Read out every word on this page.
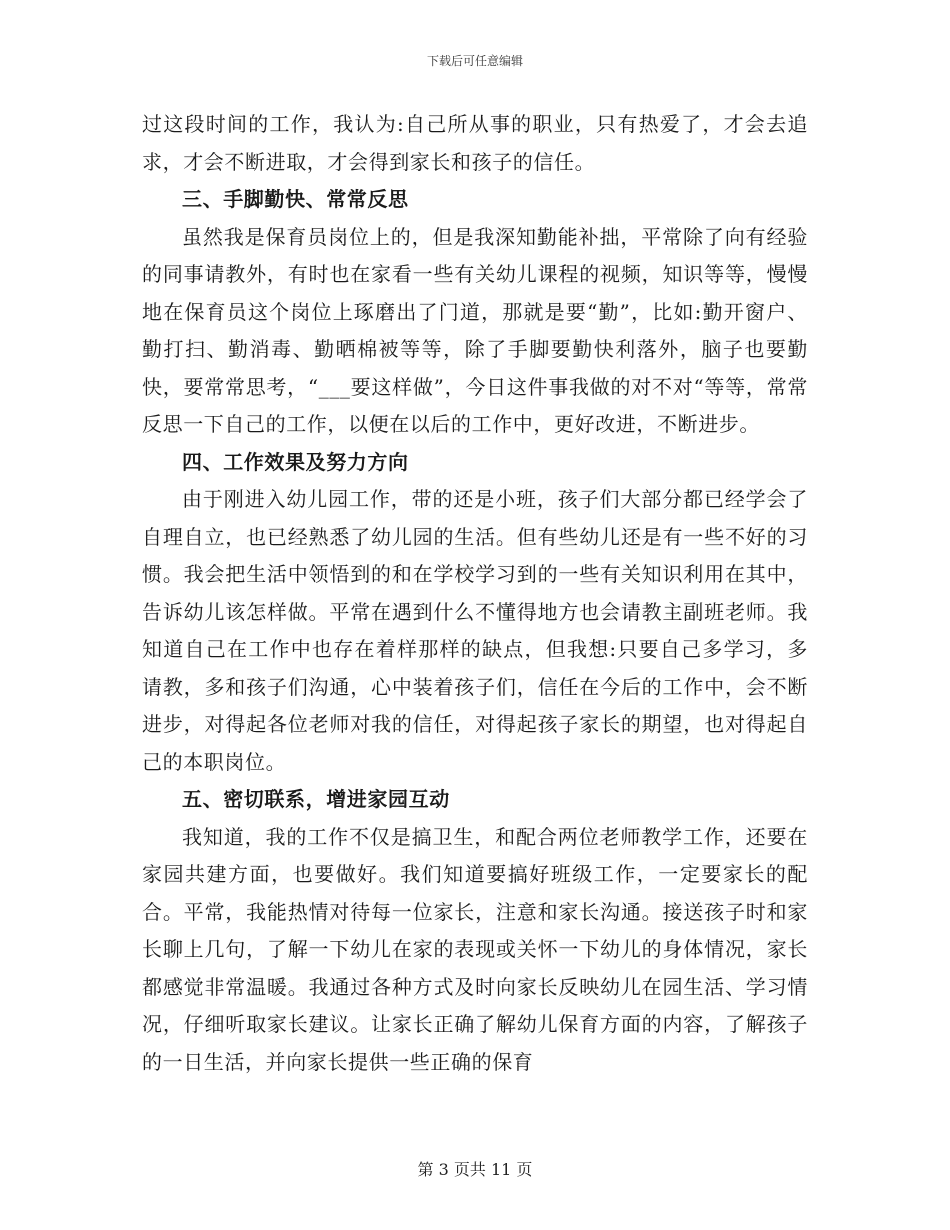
下载后可任意编辑

过这段时间的工作，我认为:自己所从事的职业，只有热爱了，才会去追求，才会不断进取，才会得到家长和孩子的信任。

三、手脚勤快、常常反思

虽然我是保育员岗位上的，但是我深知勤能补拙，平常除了向有经验的同事请教外，有时也在家看一些有关幼儿课程的视频，知识等等，慢慢地在保育员这个岗位上琢磨出了门道，那就是要“勤”，比如:勤开窗户、勤打扫、勤消毒、勤晒棉被等等，除了手脚要勤快利落外，脑子也要勤快，要常常思考，“___要这样做”，今日这件事我做的对不对“等等，常常反思一下自己的工作，以便在以后的工作中，更好改进，不断进步。

四、工作效果及努力方向

由于刚进入幼儿园工作，带的还是小班，孩子们大部分都已经学会了自理自立，也已经熟悉了幼儿园的生活。但有些幼儿还是有一些不好的习惯。我会把生活中领悟到的和在学校学习到的一些有关知识利用在其中，告诉幼儿该怎样做。平常在遇到什么不懂得地方也会请教主副班老师。我知道自己在工作中也存在着样那样的缺点，但我想:只要自己多学习，多请教，多和孩子们沟通，心中装着孩子们，信任在今后的工作中，会不断进步，对得起各位老师对我的信任，对得起孩子家长的期望，也对得起自己的本职岗位。

五、密切联系，增进家园互动

我知道，我的工作不仅是搞卫生，和配合两位老师教学工作，还要在家园共建方面，也要做好。我们知道要搞好班级工作，一定要家长的配合。平常，我能热情对待每一位家长，注意和家长沟通。接送孩子时和家长聊上几句，了解一下幼儿在家的表现或关怀一下幼儿的身体情况，家长都感觉非常温暖。我通过各种方式及时向家长反映幼儿在园生活、学习情况，仔细听取家长建议。让家长正确了解幼儿保育方面的内容，了解孩子的一日生活，并向家长提供一些正确的保育

第 3 页共 11 页
